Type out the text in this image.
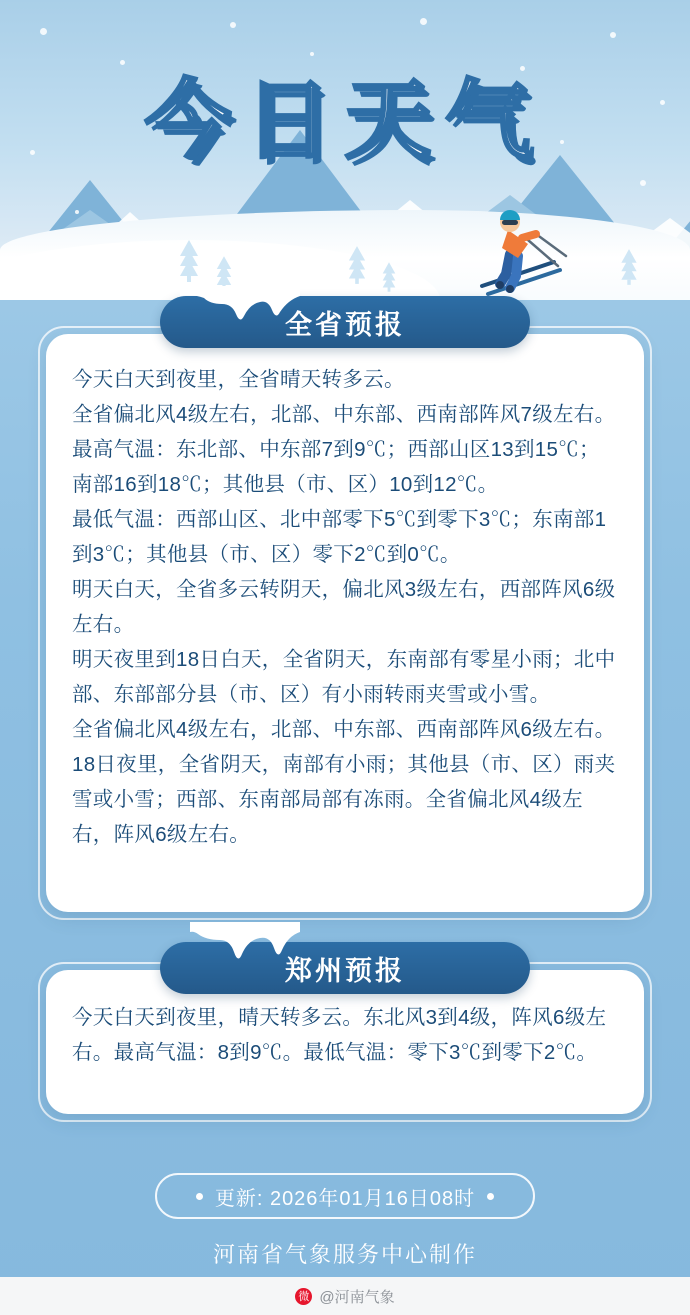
今日天气
全省预报

今天白天到夜里，全省晴天转多云。

全省偏北风4级左右，北部、中东部、西南部阵风7级左右。

最高气温：东北部、中东部7到9℃；西部山区13到15℃；南部16到18℃；其他县（市、区）10到12℃。

最低气温：西部山区、北中部零下5℃到零下3℃；东南部1到3℃；其他县（市、区）零下2℃到0℃。

明天白天，全省多云转阴天，偏北风3级左右，西部阵风6级左右。

明天夜里到18日白天，全省阴天，东南部有零星小雨；北中部、东部部分县（市、区）有小雨转雨夹雪或小雪。

全省偏北风4级左右，北部、中东部、西南部阵风6级左右。

18日夜里，全省阴天，南部有小雨；其他县（市、区）雨夹雪或小雪；西部、东南部局部有冻雨。全省偏北风4级左右，阵风6级左右。

郑州预报

今天白天到夜里，晴天转多云。东北风3到4级，阵风6级左右。最高气温：8到9℃。最低气温：零下3℃到零下2℃。

更新: 2026年01月16日08时
河南省气象服务中心制作
微 @河南气象
